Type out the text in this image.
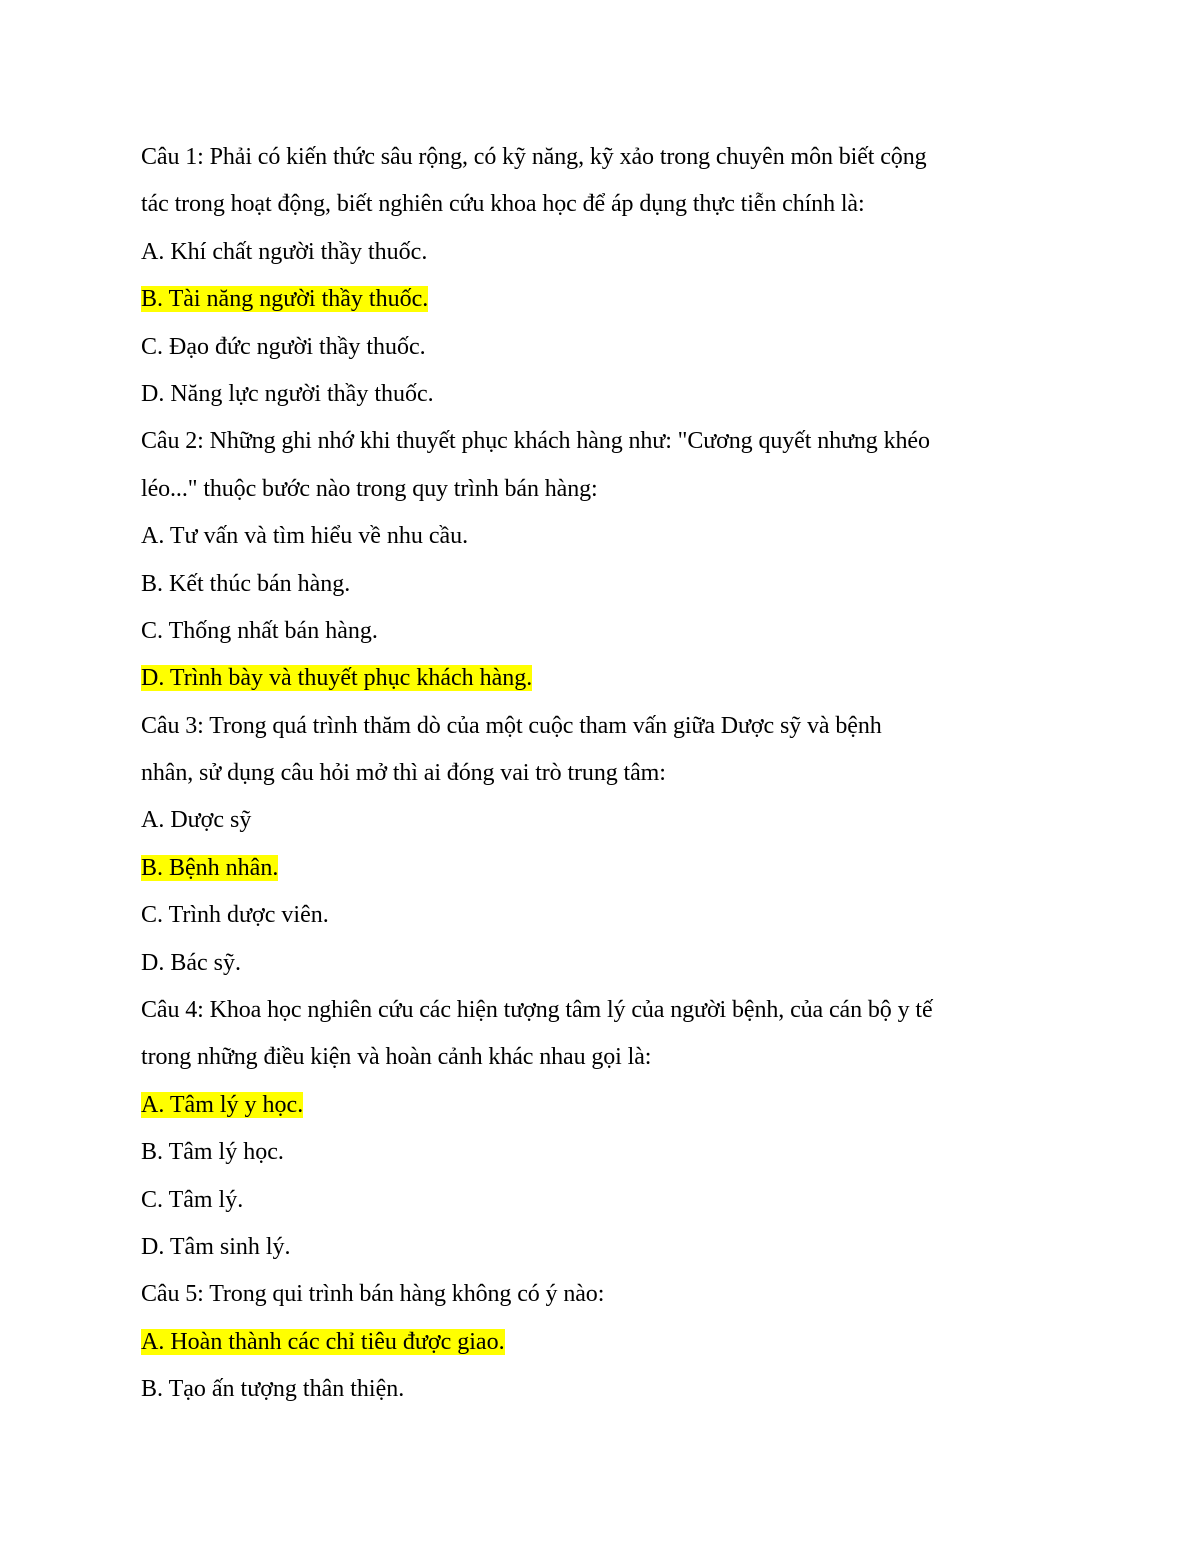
Câu 1: Phải có kiến thức sâu rộng, có kỹ năng, kỹ xảo trong chuyên môn biết cộng
tác trong hoạt động, biết nghiên cứu khoa học để áp dụng thực tiễn chính là:
A. Khí chất người thầy thuốc.
B. Tài năng người thầy thuốc.
C. Đạo đức người thầy thuốc.
D. Năng lực người thầy thuốc.
Câu 2: Những ghi nhớ khi thuyết phục khách hàng như: "Cương quyết nhưng khéo
léo..." thuộc bước nào trong quy trình bán hàng:
A. Tư vấn và tìm hiểu về nhu cầu.
B. Kết thúc bán hàng.
C. Thống nhất bán hàng.
D. Trình bày và thuyết phục khách hàng.
Câu 3: Trong quá trình thăm dò của một cuộc tham vấn giữa Dược sỹ và bệnh
nhân, sử dụng câu hỏi mở thì ai đóng vai trò trung tâm:
A. Dược sỹ
B. Bệnh nhân.
C. Trình dược viên.
D. Bác sỹ.
Câu 4: Khoa học nghiên cứu các hiện tượng tâm lý của người bệnh, của cán bộ y tế
trong những điều kiện và hoàn cảnh khác nhau gọi là:
A. Tâm lý y học.
B. Tâm lý học.
C. Tâm lý.
D. Tâm sinh lý.
Câu 5: Trong qui trình bán hàng không có ý nào:
A. Hoàn thành các chỉ tiêu được giao.
B. Tạo ấn tượng thân thiện.
